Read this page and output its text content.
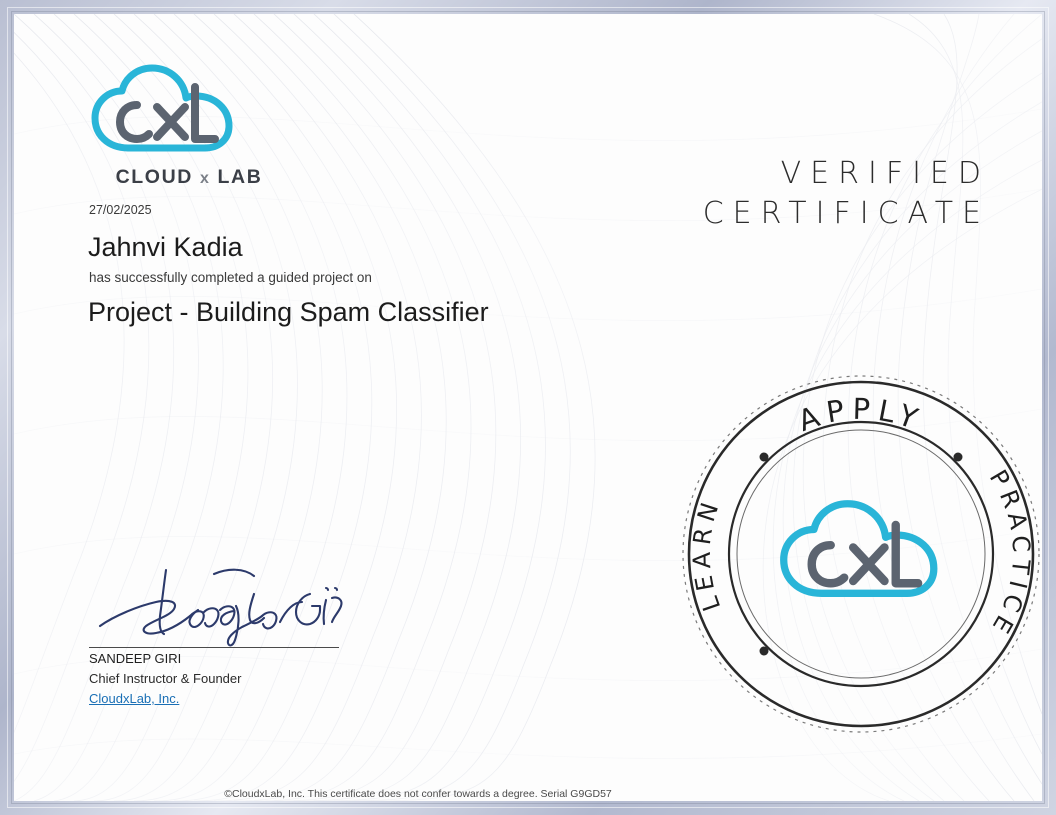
CLOUD x LAB	VERIFIED
CERTIFICATE
27/02/2025
Jahnvi Kadia
has successfully completed a guided project on
Project - Building Spam Classifier
SANDEEP GIRI
Chief Instructor & Founder
CloudxLab, Inc.
APPLY
PRACTICE
LEARN
©CloudxLab, Inc. This certificate does not confer towards a degree. Serial G9GD57
